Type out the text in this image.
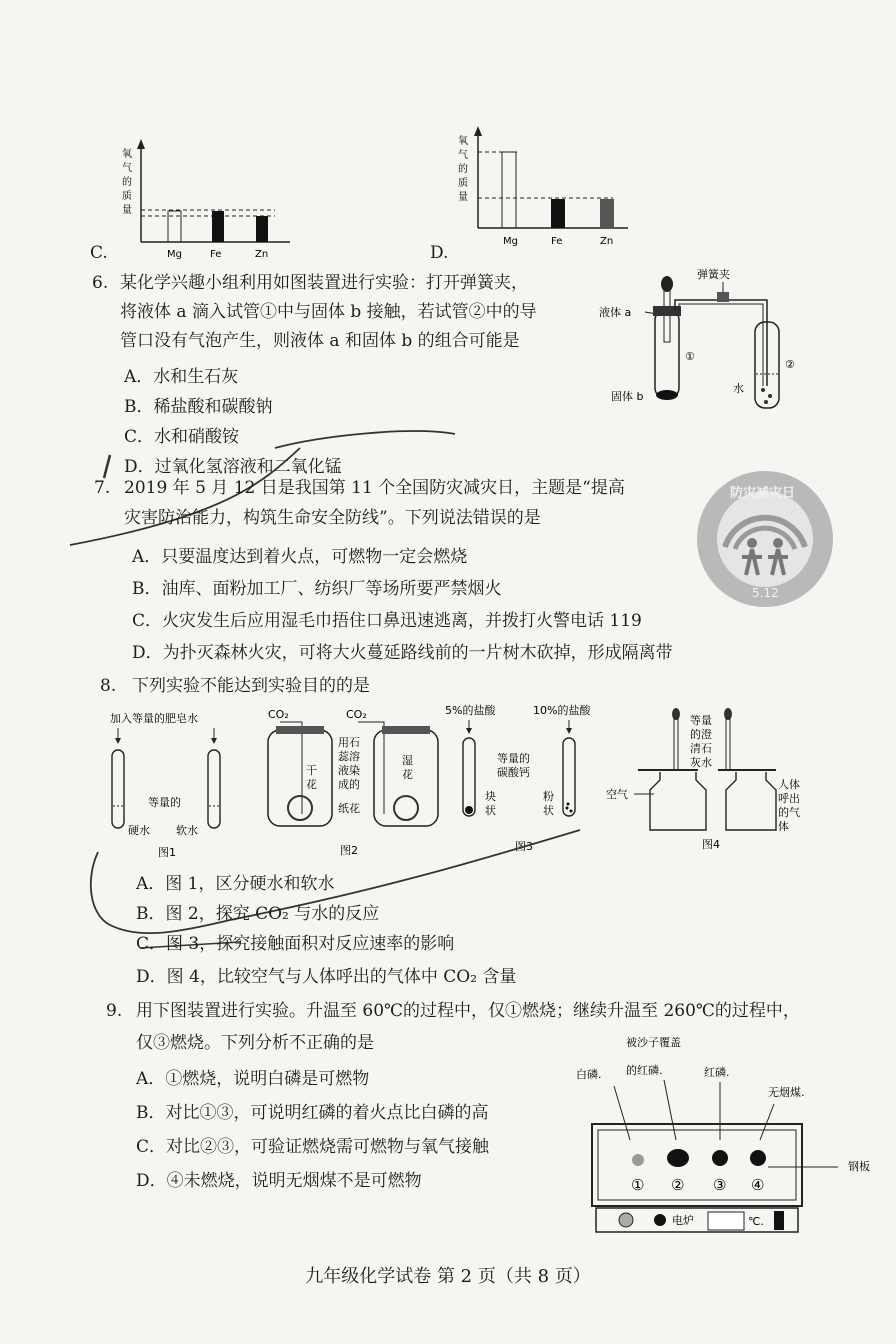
C.
氧
气
的
质
量
Mg	Fe	Zn	D.
氧
气
的
质
量
Mg	Fe	Zn
6. 某化学兴趣小组利用如图装置进行实验：打开弹簧夹，
将液体 a 滴入试管①中与固体 b 接触，若试管②中的导
管口没有气泡产生，则液体 a 和固体 b 的组合可能是
A．水和生石灰
B．稀盐酸和碳酸钠
C．水和硝酸铵
D．过氧化氢溶液和二氧化锰
弹簧夹
液体 a
①
②
水
固体 b
7. 2019 年 5 月 12 日是我国第 11 个全国防灾减灾日，主题是“提高
灾害防治能力，构筑生命安全防线”。下列说法错误的是
A．只要温度达到着火点，可燃物一定会燃烧
B．油库、面粉加工厂、纺织厂等场所要严禁烟火
C．火灾发生后应用湿毛巾捂住口鼻迅速逃离，并拨打火警电话 119
D．为扑灭森林火灾，可将大火蔓延路线前的一片树木砍掉，形成隔离带
防灾减灾日
5.12
8. 下列实验不能达到实验目的的是
加入等量的肥皂水
等量的
硬水 软水
图1
CO₂	CO₂
干
花
用石
蕊溶
液染
成的
纸花
湿
花
图2
5%的盐酸	10%的盐酸
等量的
碳酸钙
块
状
粉
状
图3
等量
的澄
清石
灰水
空气
人体
呼出
的气
体
图4
A．图 1，区分硬水和软水
B．图 2，探究 CO₂ 与水的反应
C．图 3，探究接触面积对反应速率的影响
D．图 4，比较空气与人体呼出的气体中 CO₂ 含量
9. 用下图装置进行实验。升温至 60℃的过程中，仅①燃烧；继续升温至 260℃的过程中，
仅③燃烧。下列分析不正确的是
A．①燃烧，说明白磷是可燃物
B．对比①③，可说明红磷的着火点比白磷的高
C．对比②③，可验证燃烧需可燃物与氧气接触
D．④未燃烧，说明无烟煤不是可燃物
被沙子覆盖
的红磷.
白磷.	红磷.
无烟煤.
① ② ③ ④
钢板
电炉	℃.
九年级化学试卷 第 2 页（共 8 页）
